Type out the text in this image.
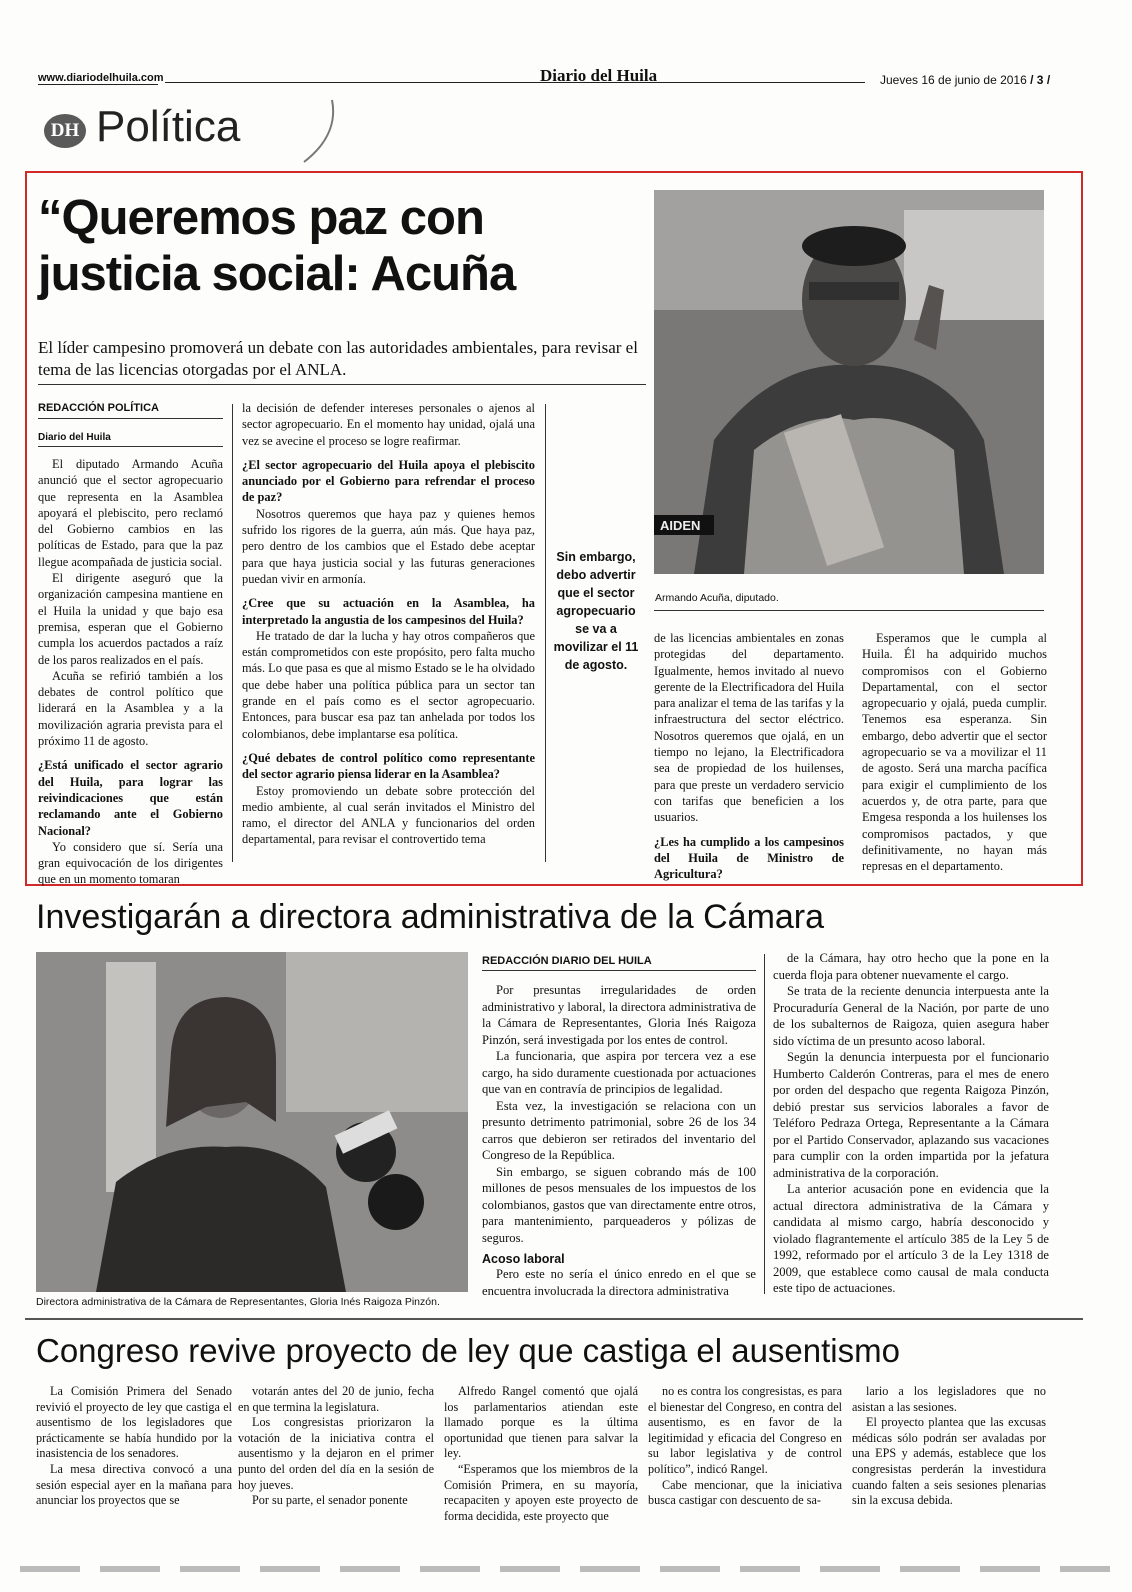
www.diariodelhuila.com	Diario del Huila	Jueves 16 de junio de 2016 / 3 /
DH Política
“Queremos paz con justicia social: Acuña

El líder campesino promoverá un debate con las autoridades ambientales, para revisar el tema de las licencias otorgadas por el ANLA.

REDACCIÓN POLÍTICA
Diario del Huila

El diputado Armando Acuña anunció que el sector agropecuario que representa en la Asamblea apoyará el plebiscito, pero reclamó del Gobierno cambios en las políticas de Estado, para que la paz llegue acompañada de justicia social.

El dirigente aseguró que la organización campesina mantiene en el Huila la unidad y que bajo esa premisa, esperan que el Gobierno cumpla los acuerdos pactados a raíz de los paros realizados en el país.

Acuña se refirió también a los debates de control político que liderará en la Asamblea y a la movilización agraria prevista para el próximo 11 de agosto.

¿Está unificado el sector agrario del Huila, para lograr las reivindicaciones que están reclamando ante el Gobierno Nacional?

Yo considero que sí. Sería una gran equivocación de los dirigentes que en un momento tomaran

la decisión de defender intereses personales o ajenos al sector agropecuario. En el momento hay unidad, ojalá una vez se avecine el proceso se logre reafirmar.

¿El sector agropecuario del Huila apoya el plebiscito anunciado por el Gobierno para refrendar el proceso de paz?

Nosotros queremos que haya paz y quienes hemos sufrido los rigores de la guerra, aún más. Que haya paz, pero dentro de los cambios que el Estado debe aceptar para que haya justicia social y las futuras generaciones puedan vivir en armonía.

¿Cree que su actuación en la Asamblea, ha interpretado la angustia de los campesinos del Huila?

He tratado de dar la lucha y hay otros compañeros que están comprometidos con este propósito, pero falta mucho más. Lo que pasa es que al mismo Estado se le ha olvidado que debe haber una política pública para un sector tan grande en el país como es el sector agropecuario. Entonces, para buscar esa paz tan anhelada por todos los colombianos, debe implantarse esa política.

¿Qué debates de control político como representante del sector agrario piensa liderar en la Asamblea?

Estoy promoviendo un debate sobre protección del medio ambiente, al cual serán invitados el Ministro del ramo, el director del ANLA y funcionarios del orden departamental, para revisar el controvertido tema

Sin embargo, debo advertir que el sector agropecuario se va a movilizar el 11 de agosto.
AIDEN
Armando Acuña, diputado.

de las licencias ambientales en zonas protegidas del departamento. Igualmente, hemos invitado al nuevo gerente de la Electrificadora del Huila para analizar el tema de las tarifas y la infraestructura del sector eléctrico. Nosotros queremos que ojalá, en un tiempo no lejano, la Electrificadora sea de propiedad de los huilenses, para que preste un verdadero servicio con tarifas que beneficien a los usuarios.

¿Les ha cumplido a los campesinos del Huila de Ministro de Agricultura?

Esperamos que le cumpla al Huila. Él ha adquirido muchos compromisos con el Gobierno Departamental, con el sector agropecuario y ojalá, pueda cumplir. Tenemos esa esperanza. Sin embargo, debo advertir que el sector agropecuario se va a movilizar el 11 de agosto. Será una marcha pacífica para exigir el cumplimiento de los acuerdos y, de otra parte, para que Emgesa responda a los huilenses los compromisos pactados, y que definitivamente, no hayan más represas en el departamento.

Investigarán a directora administrativa de la Cámara
Directora administrativa de la Cámara de Representantes, Gloria Inés Raigoza Pinzón.
REDACCIÓN DIARIO DEL HUILA

Por presuntas irregularidades de orden administrativo y laboral, la directora administrativa de la Cámara de Representantes, Gloria Inés Raigoza Pinzón, será investigada por los entes de control.

La funcionaria, que aspira por tercera vez a ese cargo, ha sido duramente cuestionada por actuaciones que van en contravía de principios de legalidad.

Esta vez, la investigación se relaciona con un presunto detrimento patrimonial, sobre 26 de los 34 carros que debieron ser retirados del inventario del Congreso de la República.

Sin embargo, se siguen cobrando más de 100 millones de pesos mensuales de los impuestos de los colombianos, gastos que van directamente entre otros, para mantenimiento, parqueaderos y pólizas de seguros.

Acoso laboral

Pero este no sería el único enredo en el que se encuentra involucrada la directora administrativa

de la Cámara, hay otro hecho que la pone en la cuerda floja para obtener nuevamente el cargo.

Se trata de la reciente denuncia interpuesta ante la Procuraduría General de la Nación, por parte de uno de los subalternos de Raigoza, quien asegura haber sido víctima de un presunto acoso laboral.

Según la denuncia interpuesta por el funcionario Humberto Calderón Contreras, para el mes de enero por orden del despacho que regenta Raigoza Pinzón, debió prestar sus servicios laborales a favor de Teléforo Pedraza Ortega, Representante a la Cámara por el Partido Conservador, aplazando sus vacaciones para cumplir con la orden impartida por la jefatura administrativa de la corporación.

La anterior acusación pone en evidencia que la actual directora administrativa de la Cámara y candidata al mismo cargo, habría desconocido y violado flagrantemente el artículo 385 de la Ley 5 de 1992, reformado por el artículo 3 de la Ley 1318 de 2009, que establece como causal de mala conducta este tipo de actuaciones.

Congreso revive proyecto de ley que castiga el ausentismo

La Comisión Primera del Senado revivió el proyecto de ley que castiga el ausentismo de los legisladores que prácticamente se había hundido por la inasistencia de los senadores.

La mesa directiva convocó a una sesión especial ayer en la mañana para anunciar los proyectos que se

votarán antes del 20 de junio, fecha en que termina la legislatura.

Los congresistas priorizaron la votación de la iniciativa contra el ausentismo y la dejaron en el primer punto del orden del día en la sesión de hoy jueves.

Por su parte, el senador ponente

Alfredo Rangel comentó que ojalá los parlamentarios atiendan este llamado porque es la última oportunidad que tienen para salvar la ley.

“Esperamos que los miembros de la Comisión Primera, en su mayoría, recapaciten y apoyen este proyecto de forma decidida, este proyecto que

no es contra los congresistas, es para el bienestar del Congreso, en contra del ausentismo, es en favor de la legitimidad y eficacia del Congreso en su labor legislativa y de control político”, indicó Rangel.

Cabe mencionar, que la iniciativa busca castigar con descuento de sa-

lario a los legisladores que no asistan a las sesiones.

El proyecto plantea que las excusas médicas sólo podrán ser avaladas por una EPS y además, establece que los congresistas perderán la investidura cuando falten a seis sesiones plenarias sin la excusa debida.
